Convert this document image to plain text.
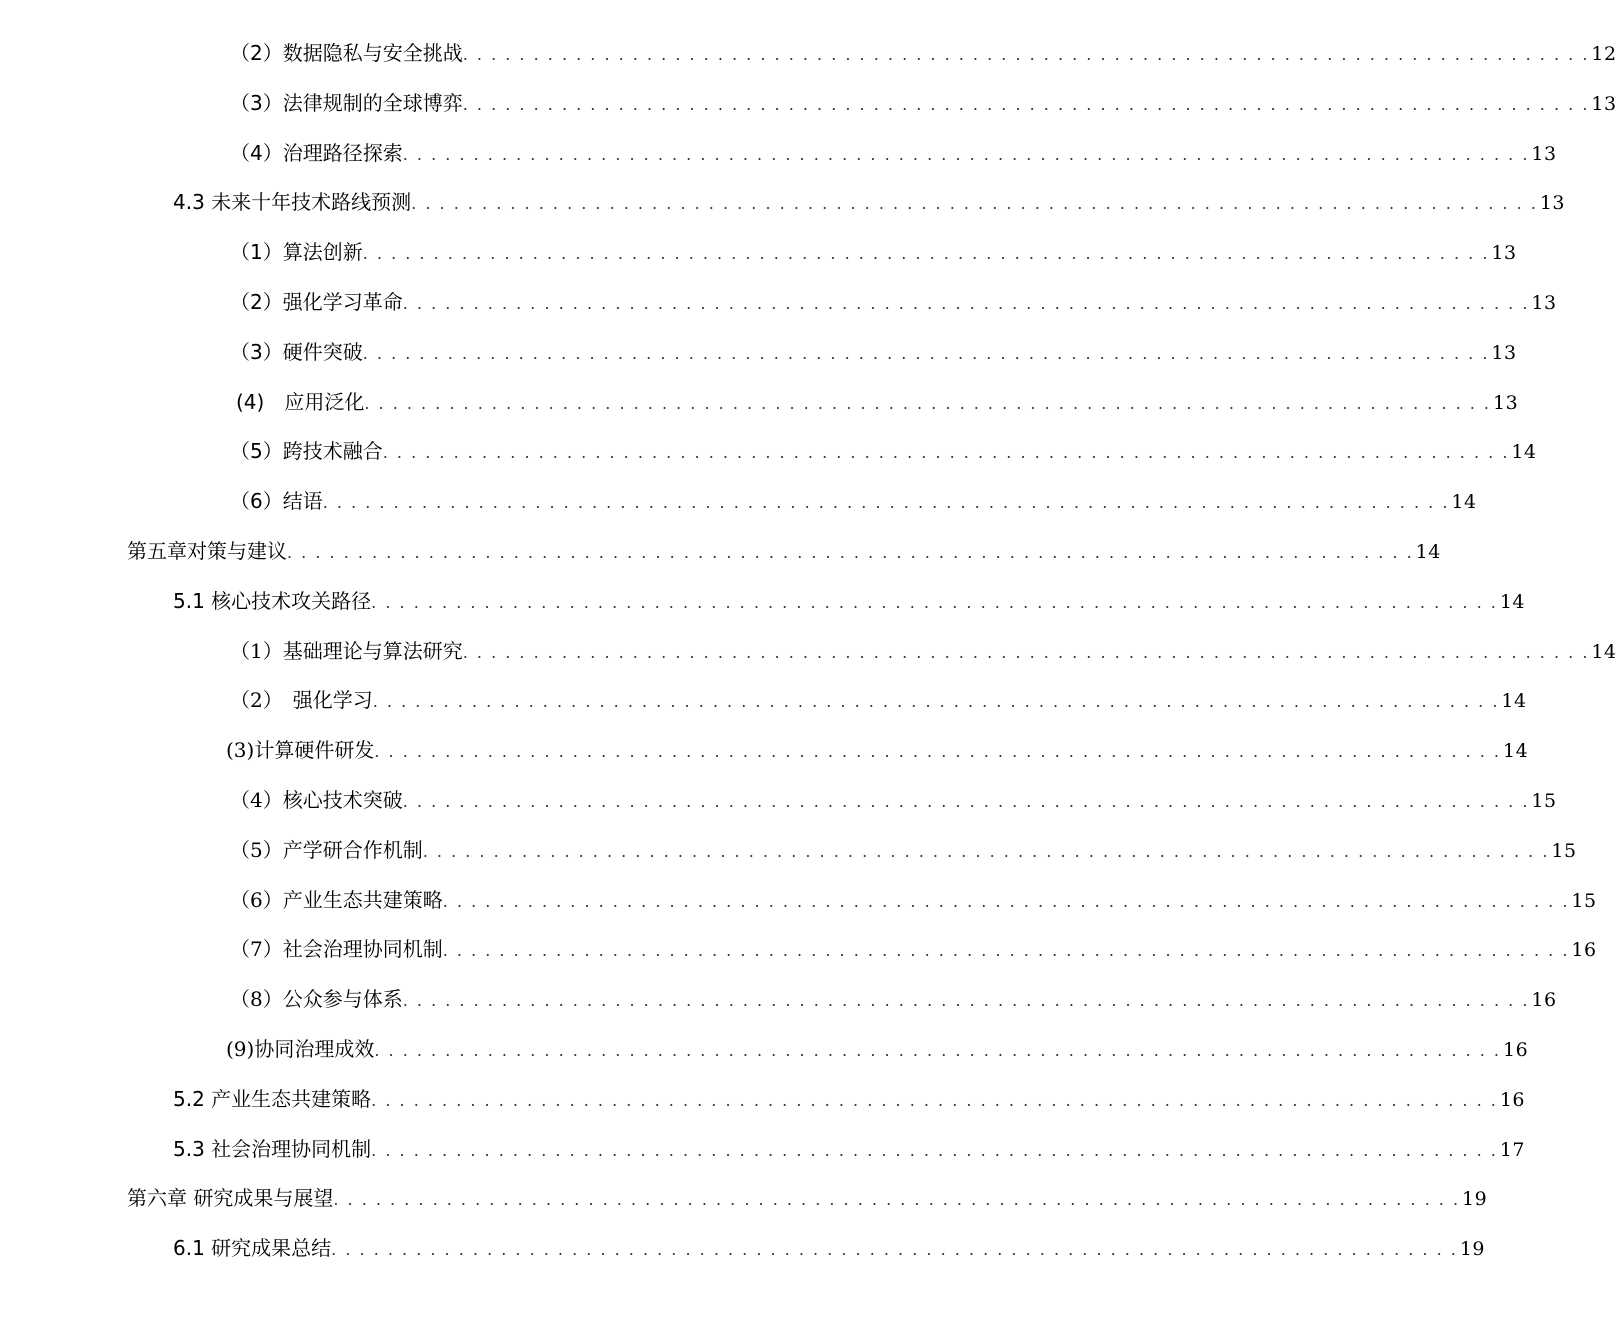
（2）数据隐私与安全挑战 . . . . . . . . . . . . . . . . . . . . . . . . . . . . . . . . . . . . . . . . . . . . . . . . . . . . . . . . . . . . . . . . . . . . . . . . . . . . . . . . 12
（3）法律规制的全球博弈 . . . . . . . . . . . . . . . . . . . . . . . . . . . . . . . . . . . . . . . . . . . . . . . . . . . . . . . . . . . . . . . . . . . . . . . . . . . . . . . . 13
（4）治理路径探索 . . . . . . . . . . . . . . . . . . . . . . . . . . . . . . . . . . . . . . . . . . . . . . . . . . . . . . . . . . . . . . . . . . . . . . . . . . . . . . . . 13
4.3 未来十年技术路线预测 . . . . . . . . . . . . . . . . . . . . . . . . . . . . . . . . . . . . . . . . . . . . . . . . . . . . . . . . . . . . . . . . . . . . . . . . . . . . . . . . 13
（1）算法创新 . . . . . . . . . . . . . . . . . . . . . . . . . . . . . . . . . . . . . . . . . . . . . . . . . . . . . . . . . . . . . . . . . . . . . . . . . . . . . . . . 13
（2）强化学习革命 . . . . . . . . . . . . . . . . . . . . . . . . . . . . . . . . . . . . . . . . . . . . . . . . . . . . . . . . . . . . . . . . . . . . . . . . . . . . . . . . 13
（3）硬件突破 . . . . . . . . . . . . . . . . . . . . . . . . . . . . . . . . . . . . . . . . . . . . . . . . . . . . . . . . . . . . . . . . . . . . . . . . . . . . . . . . 13
(4)　应用泛化 . . . . . . . . . . . . . . . . . . . . . . . . . . . . . . . . . . . . . . . . . . . . . . . . . . . . . . . . . . . . . . . . . . . . . . . . . . . . . . . . 13
（5）跨技术融合 . . . . . . . . . . . . . . . . . . . . . . . . . . . . . . . . . . . . . . . . . . . . . . . . . . . . . . . . . . . . . . . . . . . . . . . . . . . . . . . . 14
（6）结语 . . . . . . . . . . . . . . . . . . . . . . . . . . . . . . . . . . . . . . . . . . . . . . . . . . . . . . . . . . . . . . . . . . . . . . . . . . . . . . . . 14
第五章对策与建议 . . . . . . . . . . . . . . . . . . . . . . . . . . . . . . . . . . . . . . . . . . . . . . . . . . . . . . . . . . . . . . . . . . . . . . . . . . . . . . . . 14
5.1 核心技术攻关路径 . . . . . . . . . . . . . . . . . . . . . . . . . . . . . . . . . . . . . . . . . . . . . . . . . . . . . . . . . . . . . . . . . . . . . . . . . . . . . . . . 14
（1）基础理论与算法研究 . . . . . . . . . . . . . . . . . . . . . . . . . . . . . . . . . . . . . . . . . . . . . . . . . . . . . . . . . . . . . . . . . . . . . . . . . . . . . . . . 14
（2）　强化学习 . . . . . . . . . . . . . . . . . . . . . . . . . . . . . . . . . . . . . . . . . . . . . . . . . . . . . . . . . . . . . . . . . . . . . . . . . . . . . . . . 14
(3)计算硬件研发 . . . . . . . . . . . . . . . . . . . . . . . . . . . . . . . . . . . . . . . . . . . . . . . . . . . . . . . . . . . . . . . . . . . . . . . . . . . . . . . . 14
（4）核心技术突破 . . . . . . . . . . . . . . . . . . . . . . . . . . . . . . . . . . . . . . . . . . . . . . . . . . . . . . . . . . . . . . . . . . . . . . . . . . . . . . . . 15
（5）产学研合作机制 . . . . . . . . . . . . . . . . . . . . . . . . . . . . . . . . . . . . . . . . . . . . . . . . . . . . . . . . . . . . . . . . . . . . . . . . . . . . . . . . 15
（6）产业生态共建策略 . . . . . . . . . . . . . . . . . . . . . . . . . . . . . . . . . . . . . . . . . . . . . . . . . . . . . . . . . . . . . . . . . . . . . . . . . . . . . . . . 15
（7）社会治理协同机制 . . . . . . . . . . . . . . . . . . . . . . . . . . . . . . . . . . . . . . . . . . . . . . . . . . . . . . . . . . . . . . . . . . . . . . . . . . . . . . . . 16
（8）公众参与体系 . . . . . . . . . . . . . . . . . . . . . . . . . . . . . . . . . . . . . . . . . . . . . . . . . . . . . . . . . . . . . . . . . . . . . . . . . . . . . . . . 16
(9)协同治理成效 . . . . . . . . . . . . . . . . . . . . . . . . . . . . . . . . . . . . . . . . . . . . . . . . . . . . . . . . . . . . . . . . . . . . . . . . . . . . . . . . 16
5.2 产业生态共建策略 . . . . . . . . . . . . . . . . . . . . . . . . . . . . . . . . . . . . . . . . . . . . . . . . . . . . . . . . . . . . . . . . . . . . . . . . . . . . . . . . 16
5.3 社会治理协同机制 . . . . . . . . . . . . . . . . . . . . . . . . . . . . . . . . . . . . . . . . . . . . . . . . . . . . . . . . . . . . . . . . . . . . . . . . . . . . . . . . 17
第六章 研究成果与展望 . . . . . . . . . . . . . . . . . . . . . . . . . . . . . . . . . . . . . . . . . . . . . . . . . . . . . . . . . . . . . . . . . . . . . . . . . . . . . . . . 19
6.1 研究成果总结 . . . . . . . . . . . . . . . . . . . . . . . . . . . . . . . . . . . . . . . . . . . . . . . . . . . . . . . . . . . . . . . . . . . . . . . . . . . . . . . . 19
